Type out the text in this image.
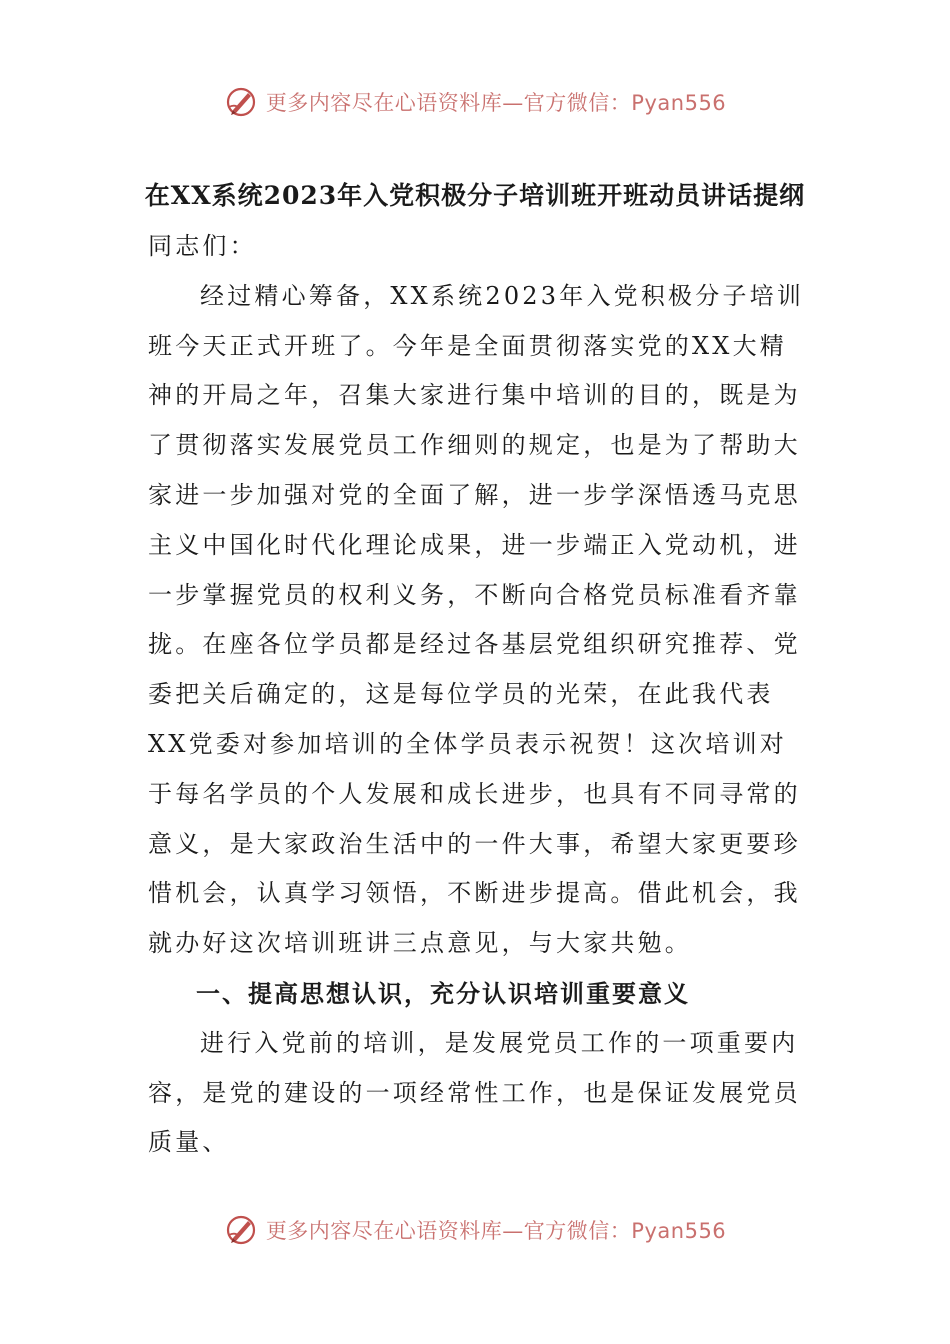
更多内容尽在心语资料库—官方微信：Pyan556
在XX系统2023年入党积极分子培训班开班动员讲话提纲

同志们：

经过精心筹备，XX系统2023年入党积极分子培训班今天正式开班了。今年是全面贯彻落实党的XX大精神的开局之年，召集大家进行集中培训的目的，既是为了贯彻落实发展党员工作细则的规定，也是为了帮助大家进一步加强对党的全面了解，进一步学深悟透马克思主义中国化时代化理论成果，进一步端正入党动机，进一步掌握党员的权利义务，不断向合格党员标准看齐靠拢。在座各位学员都是经过各基层党组织研究推荐、党委把关后确定的，这是每位学员的光荣，在此我代表XX党委对参加培训的全体学员表示祝贺！这次培训对于每名学员的个人发展和成长进步，也具有不同寻常的意义，是大家政治生活中的一件大事，希望大家更要珍惜机会，认真学习领悟，不断进步提高。借此机会，我就办好这次培训班讲三点意见，与大家共勉。

一、提高思想认识，充分认识培训重要意义

进行入党前的培训，是发展党员工作的一项重要内容，是党的建设的一项经常性工作，也是保证发展党员质量、

更多内容尽在心语资料库—官方微信：Pyan556
